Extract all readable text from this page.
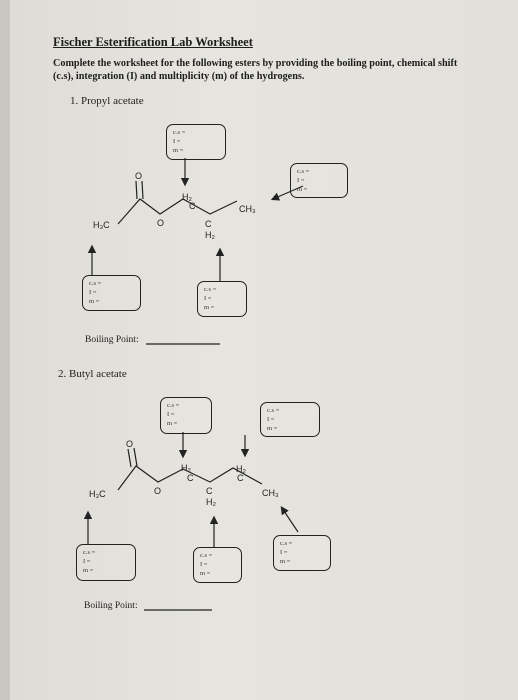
Fischer Esterification Lab Worksheet
Complete the worksheet for the following esters by providing the boiling point, chemical shift
(c.s), integration (I) and multiplicity (m) of the hydrogens.
1. Propyl acetate
Boiling Point:
2. Butyl acetate
Boiling Point:
c.s =
I =
m =
c.s =
I =
m =
c.s =
I =
m =
c.s =
I =
m =
c.s =
I =
m =
c.s =
I =
m =
c.s =
I =
m =
c.s =
I =
m =
c.s =
I =
m =
O
H₃C	O
H₂
C
C
H₂
CH₃
O
H₃C	O
H₂
C
C
H₂
H₂
C
CH₃
